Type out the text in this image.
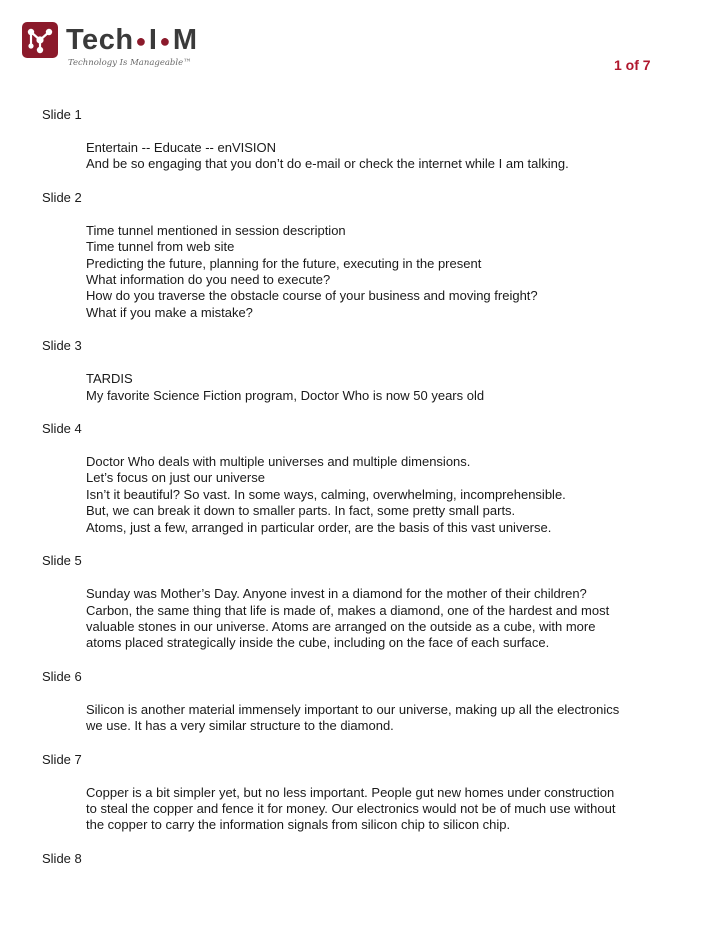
Tech ●I ●M
Technology Is Manageable™	1 of 7

Slide 1

Entertain -- Educate -- enVISION

And be so engaging that you don’t do e-mail or check the internet while I am talking.

Slide 2

Time tunnel mentioned in session description

Time tunnel from web site

Predicting the future, planning for the future, executing in the present

What information do you need to execute?

How do you traverse the obstacle course of your business and moving freight?

What if you make a mistake?

Slide 3

TARDIS

My favorite Science Fiction program, Doctor Who is now 50 years old

Slide 4

Doctor Who deals with multiple universes and multiple dimensions.

Let’s focus on just our universe

Isn’t it beautiful? So vast. In some ways, calming, overwhelming, incomprehensible.

But, we can break it down to smaller parts. In fact, some pretty small parts.

Atoms, just a few, arranged in particular order, are the basis of this vast universe.

Slide 5

Sunday was Mother’s Day. Anyone invest in a diamond for the mother of their children?

Carbon, the same thing that life is made of, makes a diamond, one of the hardest and most

valuable stones in our universe. Atoms are arranged on the outside as a cube, with more

atoms placed strategically inside the cube, including on the face of each surface.

Slide 6

Silicon is another material immensely important to our universe, making up all the electronics

we use. It has a very similar structure to the diamond.

Slide 7

Copper is a bit simpler yet, but no less important. People gut new homes under construction

to steal the copper and fence it for money. Our electronics would not be of much use without

the copper to carry the information signals from silicon chip to silicon chip.

Slide 8
